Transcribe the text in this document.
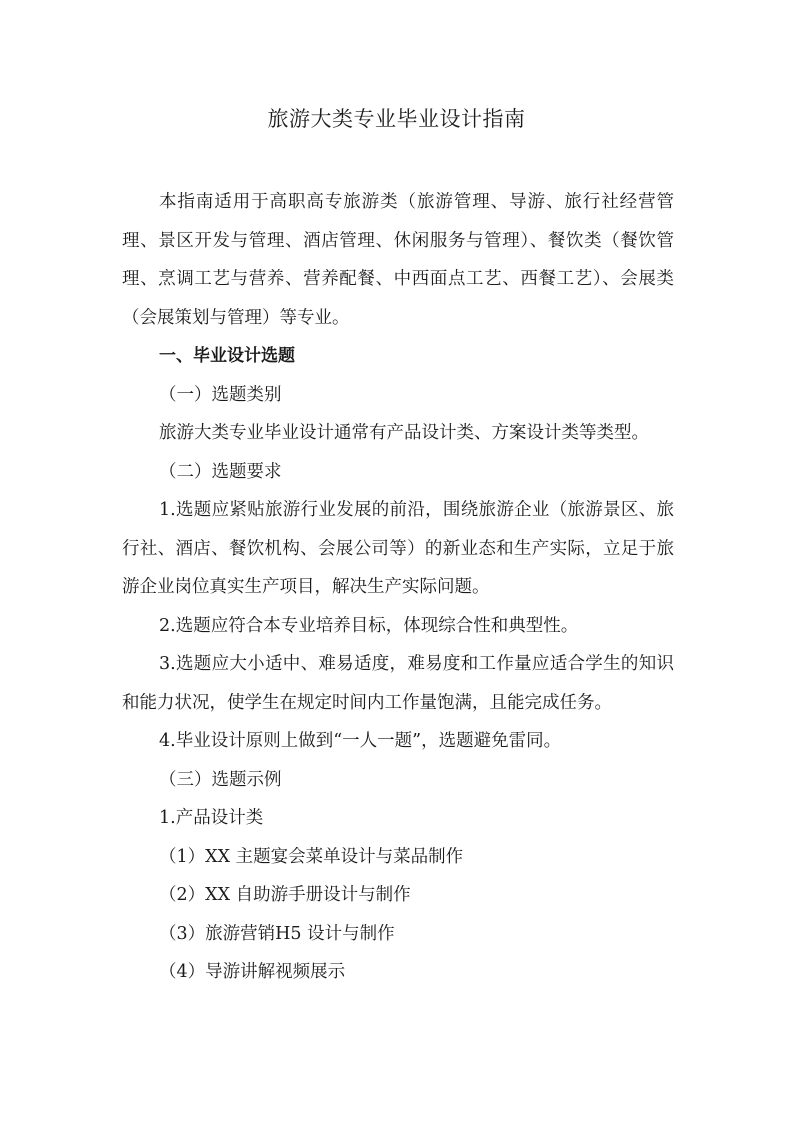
旅游大类专业毕业设计指南

本指南适用于高职高专旅游类（旅游管理、导游、旅行社经营管理、景区开发与管理、酒店管理、休闲服务与管理）、餐饮类（餐饮管理、烹调工艺与营养、营养配餐、中西面点工艺、西餐工艺）、会展类（会展策划与管理）等专业。

一、毕业设计选题

（一）选题类别

旅游大类专业毕业设计通常有产品设计类、方案设计类等类型。

（二）选题要求

1.选题应紧贴旅游行业发展的前沿，围绕旅游企业（旅游景区、旅行社、酒店、餐饮机构、会展公司等）的新业态和生产实际，立足于旅游企业岗位真实生产项目，解决生产实际问题。

2.选题应符合本专业培养目标，体现综合性和典型性。

3.选题应大小适中、难易适度，难易度和工作量应适合学生的知识和能力状况，使学生在规定时间内工作量饱满，且能完成任务。

4.毕业设计原则上做到“一人一题”，选题避免雷同。

（三）选题示例

1.产品设计类

（1）XX 主题宴会菜单设计与菜品制作

（2）XX 自助游手册设计与制作

（3）旅游营销H5 设计与制作

（4）导游讲解视频展示
